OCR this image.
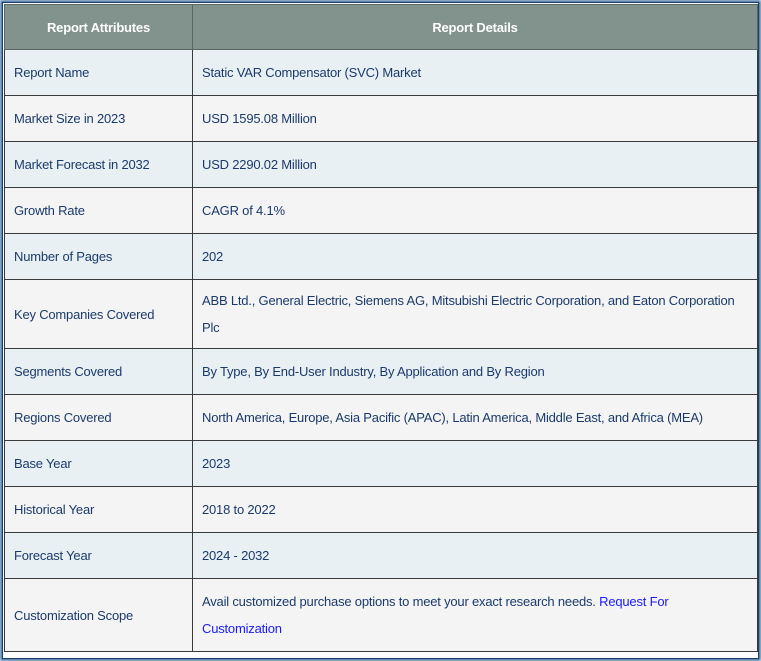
Report Attributes	Report Details
Report Name	Static VAR Compensator (SVC) Market
Market Size in 2023	USD 1595.08 Million
Market Forecast in 2032	USD 2290.02 Million
Growth Rate	CAGR of 4.1%
Number of Pages	202
Key Companies Covered	ABB Ltd., General Electric, Siemens AG, Mitsubishi Electric Corporation, and Eaton Corporation Plc
Segments Covered	By Type, By End-User Industry, By Application and By Region
Regions Covered	North America, Europe, Asia Pacific (APAC), Latin America, Middle East, and Africa (MEA)
Base Year	2023
Historical Year	2018 to 2022
Forecast Year	2024 - 2032
Customization Scope	Avail customized purchase options to meet your exact research needs. Request For Customization
